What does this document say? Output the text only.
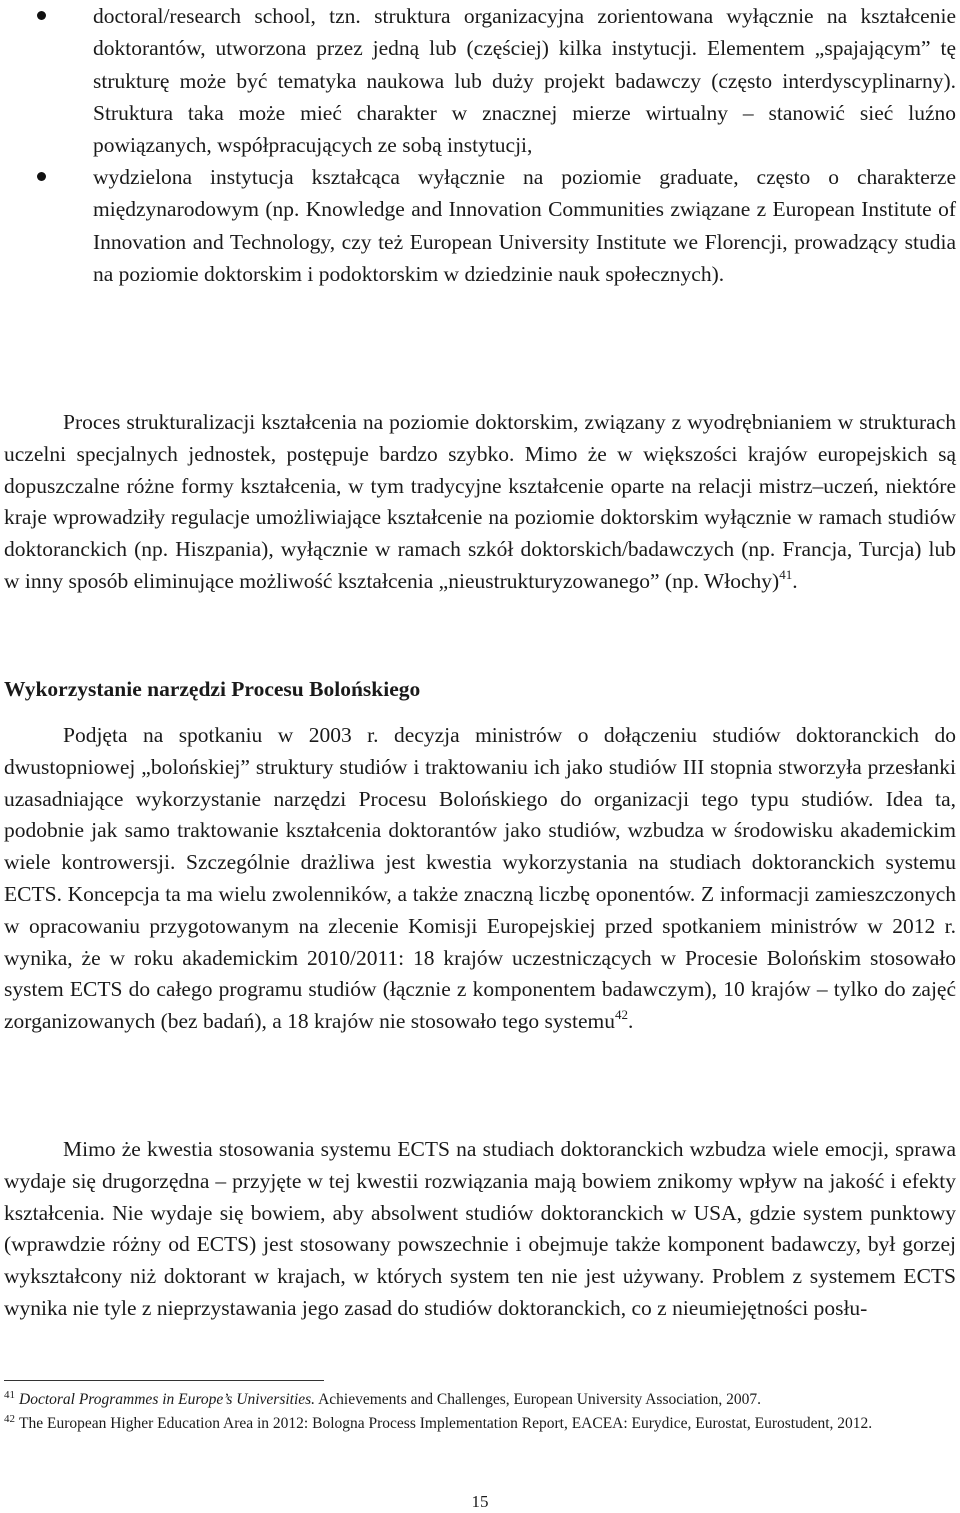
doctoral/research school, tzn. struktura organizacyjna zorientowana wyłącznie na kształcenie doktorantów, utworzona przez jedną lub (częściej) kilka instytucji. Elementem „spajającym” tę strukturę może być tematyka naukowa lub duży projekt badawczy (często interdyscyplinarny). Struktura taka może mieć charakter w znacznej mierze wirtualny – stanowić sieć luźno powiązanych, współpracujących ze sobą instytucji,

wydzielona instytucja kształcąca wyłącznie na poziomie graduate, często o charakterze międzynarodowym (np. Knowledge and Innovation Communities związane z European Institute of Innovation and Technology, czy też European University Institute we Florencji, prowadzący studia na poziomie doktorskim i podoktorskim w dziedzinie nauk społecznych).

Proces strukturalizacji kształcenia na poziomie doktorskim, związany z wyodrębnianiem w strukturach uczelni specjalnych jednostek, postępuje bardzo szybko. Mimo że w większości krajów europejskich są dopuszczalne różne formy kształcenia, w tym tradycyjne kształcenie oparte na relacji mistrz–uczeń, niektóre kraje wprowadziły regulacje umożliwiające kształcenie na poziomie doktorskim wyłącznie w ramach studiów doktoranckich (np. Hiszpania), wyłącznie w ramach szkół doktorskich/badawczych (np. Francja, Turcja) lub w inny sposób eliminujące możliwość kształcenia „nieustrukturyzowanego” (np. Włochy)$^{41}$.

Wykorzystanie narzędzi Procesu Bolońskiego

Podjęta na spotkaniu w 2003 r. decyzja ministrów o dołączeniu studiów doktoranckich do dwustopniowej „bolońskiej” struktury studiów i traktowaniu ich jako studiów III stopnia stworzyła przesłanki uzasadniające wykorzystanie narzędzi Procesu Bolońskiego do organizacji tego typu studiów. Idea ta, podobnie jak samo traktowanie kształcenia doktorantów jako studiów, wzbudza w środowisku akademickim wiele kontrowersji. Szczególnie drażliwa jest kwestia wykorzystania na studiach doktoranckich systemu ECTS. Koncepcja ta ma wielu zwolenników, a także znaczną liczbę oponentów. Z informacji zamieszczonych w opracowaniu przygotowanym na zlecenie Komisji Europejskiej przed spotkaniem ministrów w 2012 r. wynika, że w roku akademickim 2010/2011: 18 krajów uczestniczących w Procesie Bolońskim stosowało system ECTS do całego programu studiów (łącznie z komponentem badawczym), 10 krajów – tylko do zajęć zorganizowanych (bez badań), a 18 krajów nie stosowało tego systemu$^{42}$.

Mimo że kwestia stosowania systemu ECTS na studiach doktoranckich wzbudza wiele emocji, sprawa wydaje się drugorzędna – przyjęte w tej kwestii rozwiązania mają bowiem znikomy wpływ na jakość i efekty kształcenia. Nie wydaje się bowiem, aby absolwent studiów doktoranckich w USA, gdzie system punktowy (wprawdzie różny od ECTS) jest stosowany powszechnie i obejmuje także komponent badawczy, był gorzej wykształcony niż doktorant w krajach, w których system ten nie jest używany. Problem z systemem ECTS wynika nie tyle z nieprzystawania jego zasad do studiów doktoranckich, co z nieumiejętności posłu-

$^{41}$ Doctoral Programmes in Europe’s Universities. Achievements and Challenges, European University Association, 2007.

$^{42}$ The European Higher Education Area in 2012: Bologna Process Implementation Report, EACEA: Eurydice, Eurostat, Eurostudent, 2012.

15
